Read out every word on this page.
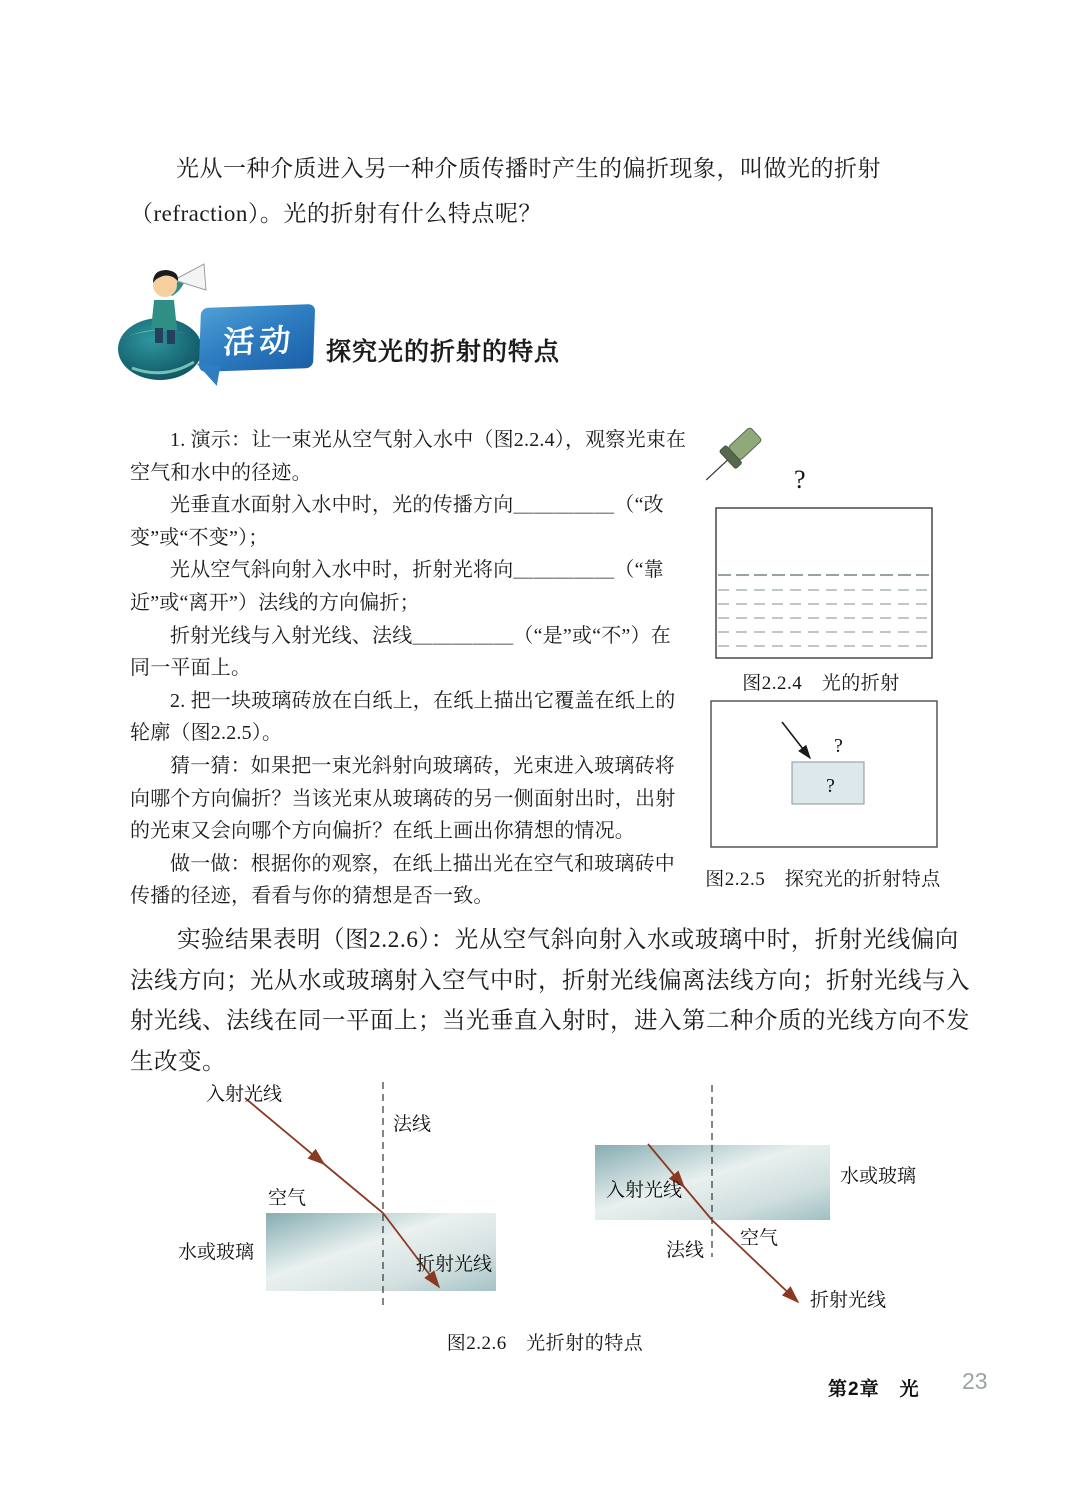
光从一种介质进入另一种介质传播时产生的偏折现象，叫做光的折射（refraction）。光的折射有什么特点呢？

活动 探究光的折射的特点

1. 演示：让一束光从空气射入水中（图2.2.4），观察光束在空气和水中的径迹。

光垂直水面射入水中时，光的传播方向＿＿＿＿＿（“改变”或“不变”）；

光从空气斜向射入水中时，折射光将向＿＿＿＿＿（“靠近”或“离开”）法线的方向偏折；

折射光线与入射光线、法线＿＿＿＿＿（“是”或“不”）在同一平面上。

2. 把一块玻璃砖放在白纸上，在纸上描出它覆盖在纸上的轮廓（图2.2.5）。

猜一猜：如果把一束光斜射向玻璃砖，光束进入玻璃砖将向哪个方向偏折？当该光束从玻璃砖的另一侧面射出时，出射的光束又会向哪个方向偏折？在纸上画出你猜想的情况。

做一做：根据你的观察，在纸上描出光在空气和玻璃砖中传播的径迹，看看与你的猜想是否一致。

?

图2.2.4　光的折射

?
?

图2.2.5　探究光的折射特点

实验结果表明（图2.2.6）：光从空气斜向射入水或玻璃中时，折射光线偏向法线方向；光从水或玻璃射入空气中时，折射光线偏离法线方向；折射光线与入射光线、法线在同一平面上；当光垂直入射时，进入第二种介质的光线方向不发生改变。

入射光线
法线
空气
水或玻璃
折射光线
入射光线
水或玻璃
空气
法线
折射光线

图2.2.6　光折射的特点

第2章　光 23
